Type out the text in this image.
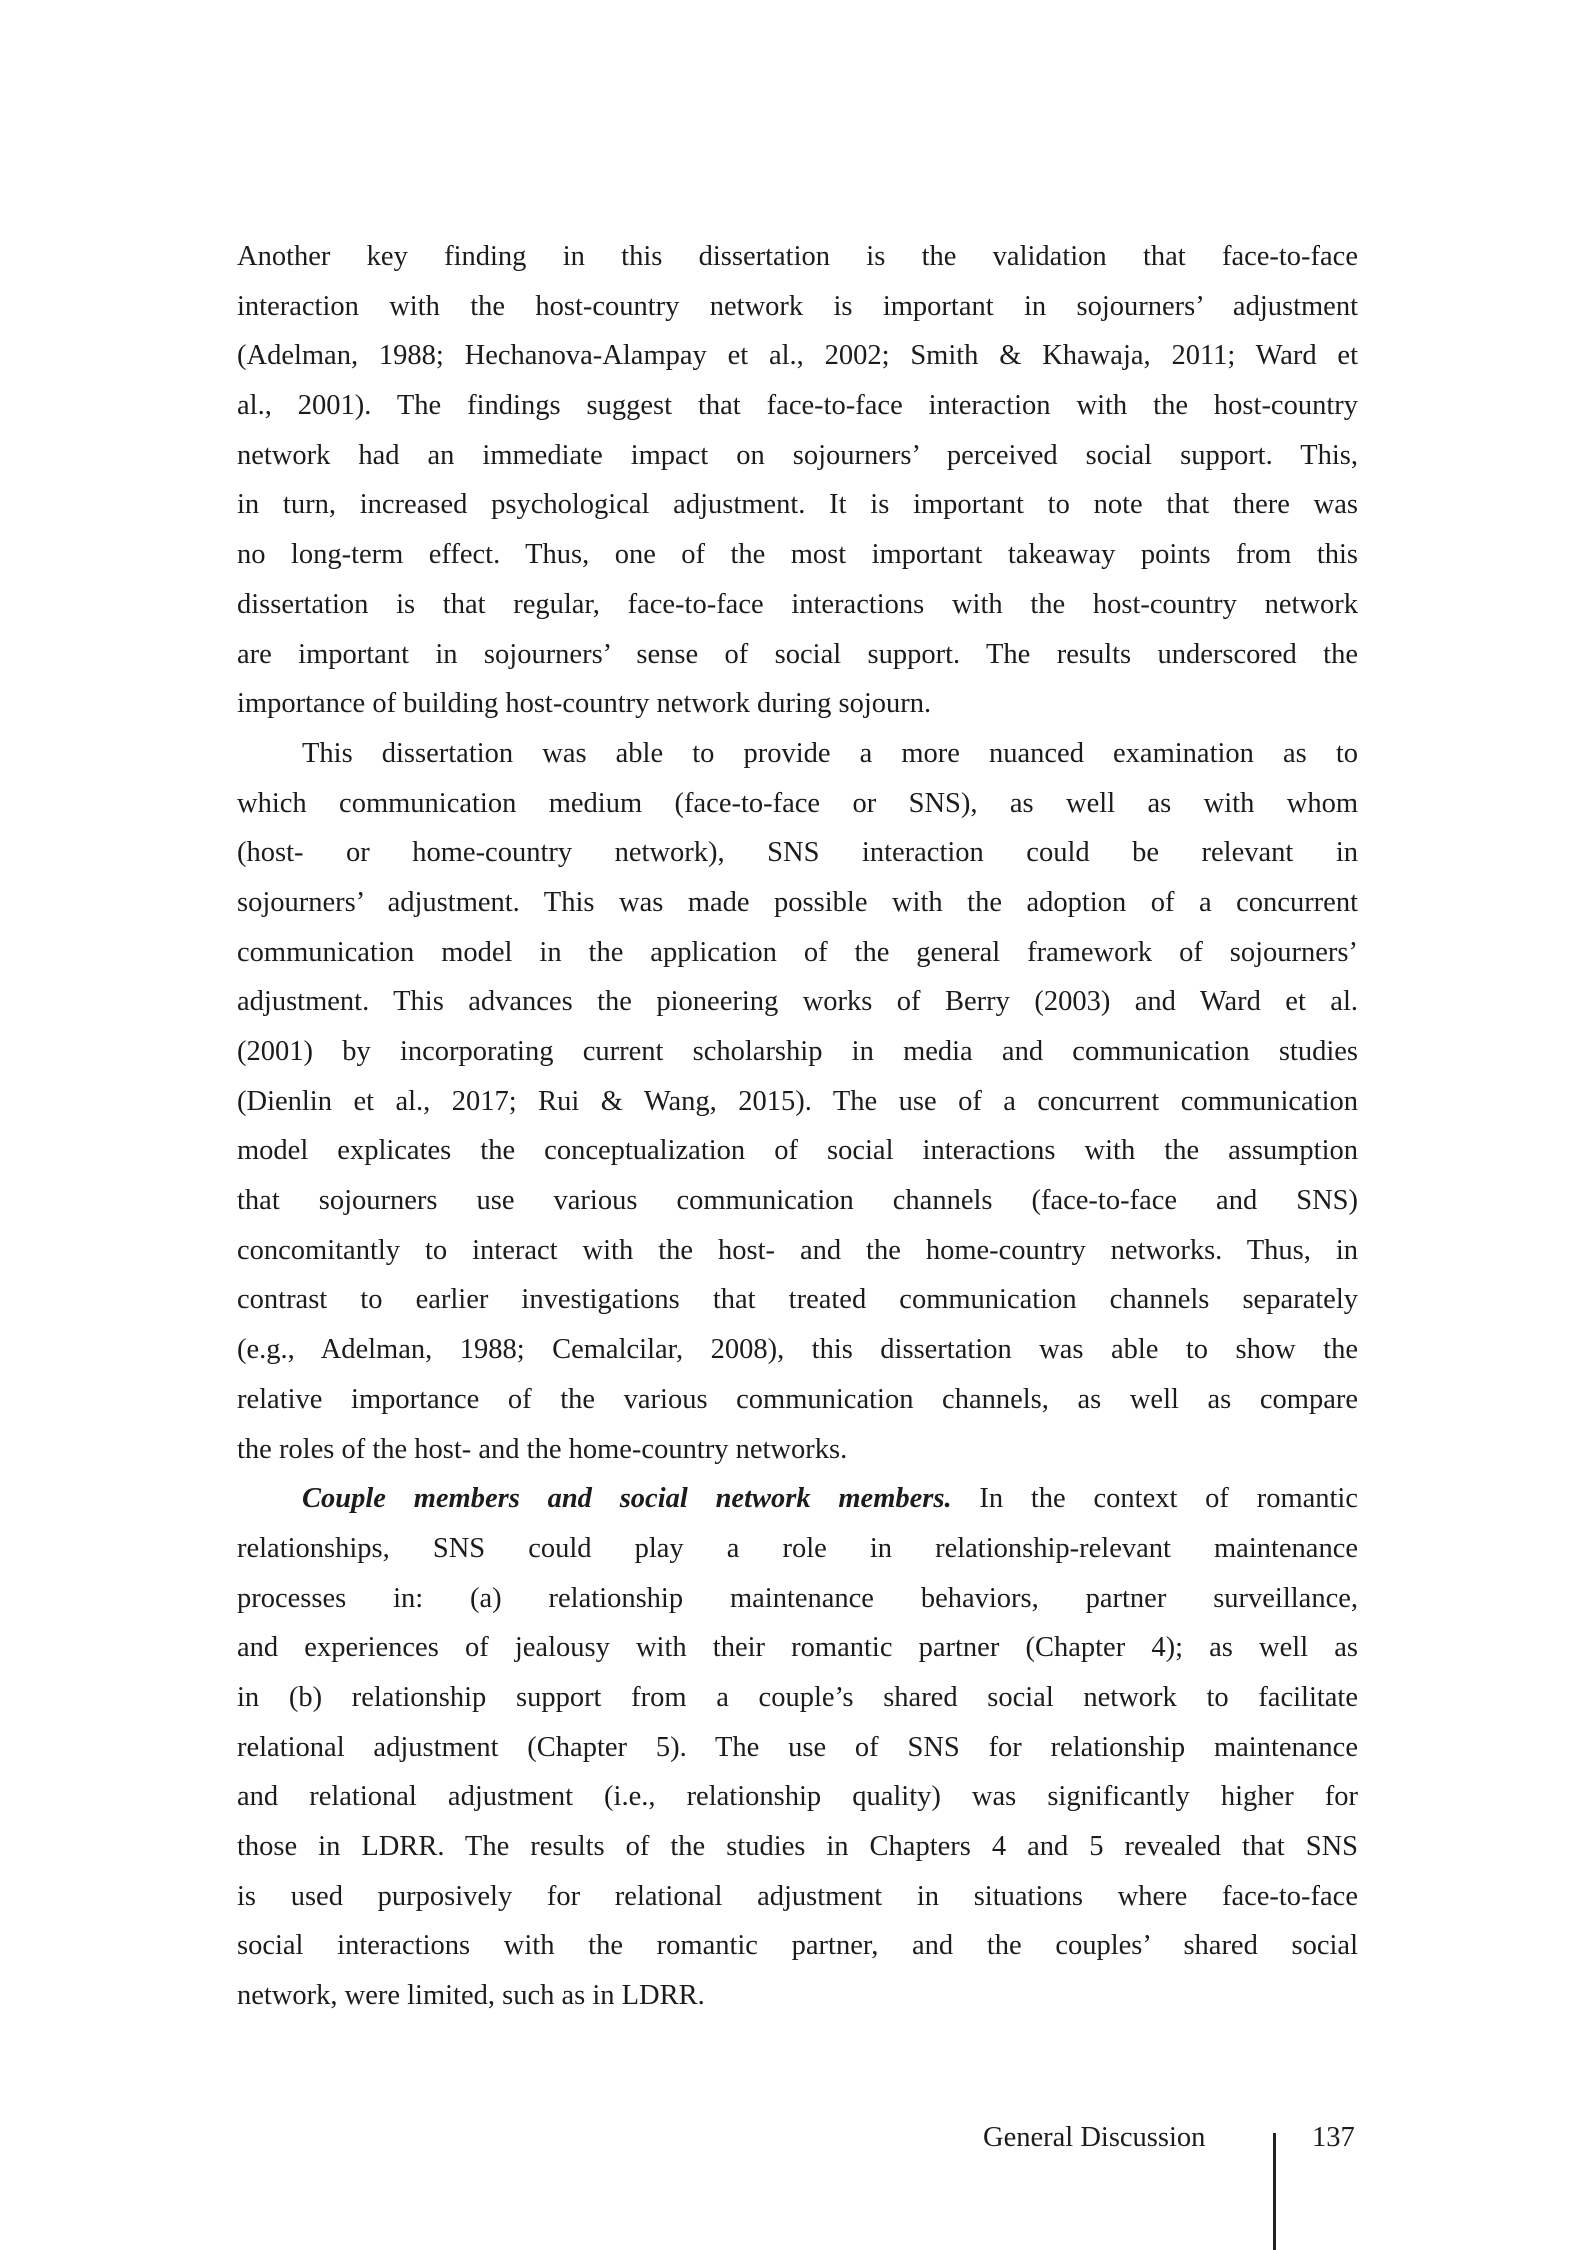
Another key finding in this dissertation is the validation that face-to-face
interaction with the host-country network is important in sojourners’ adjustment
(Adelman, 1988; Hechanova-Alampay et al., 2002; Smith & Khawaja, 2011; Ward et
al., 2001). The findings suggest that face-to-face interaction with the host-country
network had an immediate impact on sojourners’ perceived social support. This,
in turn, increased psychological adjustment. It is important to note that there was
no long-term effect. Thus, one of the most important takeaway points from this
dissertation is that regular, face-to-face interactions with the host-country network
are important in sojourners’ sense of social support. The results underscored the
importance of building host-country network during sojourn.
This dissertation was able to provide a more nuanced examination as to
which communication medium (face-to-face or SNS), as well as with whom
(host- or home-country network), SNS interaction could be relevant in
sojourners’ adjustment. This was made possible with the adoption of a concurrent
communication model in the application of the general framework of sojourners’
adjustment. This advances the pioneering works of Berry (2003) and Ward et al.
(2001) by incorporating current scholarship in media and communication studies
(Dienlin et al., 2017; Rui & Wang, 2015). The use of a concurrent communication
model explicates the conceptualization of social interactions with the assumption
that sojourners use various communication channels (face-to-face and SNS)
concomitantly to interact with the host- and the home-country networks. Thus, in
contrast to earlier investigations that treated communication channels separately
(e.g., Adelman, 1988; Cemalcilar, 2008), this dissertation was able to show the
relative importance of the various communication channels, as well as compare
the roles of the host- and the home-country networks.
Couple members and social network members. In the context of romantic
relationships, SNS could play a role in relationship-relevant maintenance
processes in: (a) relationship maintenance behaviors, partner surveillance,
and experiences of jealousy with their romantic partner (Chapter 4); as well as
in (b) relationship support from a couple’s shared social network to facilitate
relational adjustment (Chapter 5). The use of SNS for relationship maintenance
and relational adjustment (i.e., relationship quality) was significantly higher for
those in LDRR. The results of the studies in Chapters 4 and 5 revealed that SNS
is used purposively for relational adjustment in situations where face-to-face
social interactions with the romantic partner, and the couples’ shared social
network, were limited, such as in LDRR.
General Discussion	137
